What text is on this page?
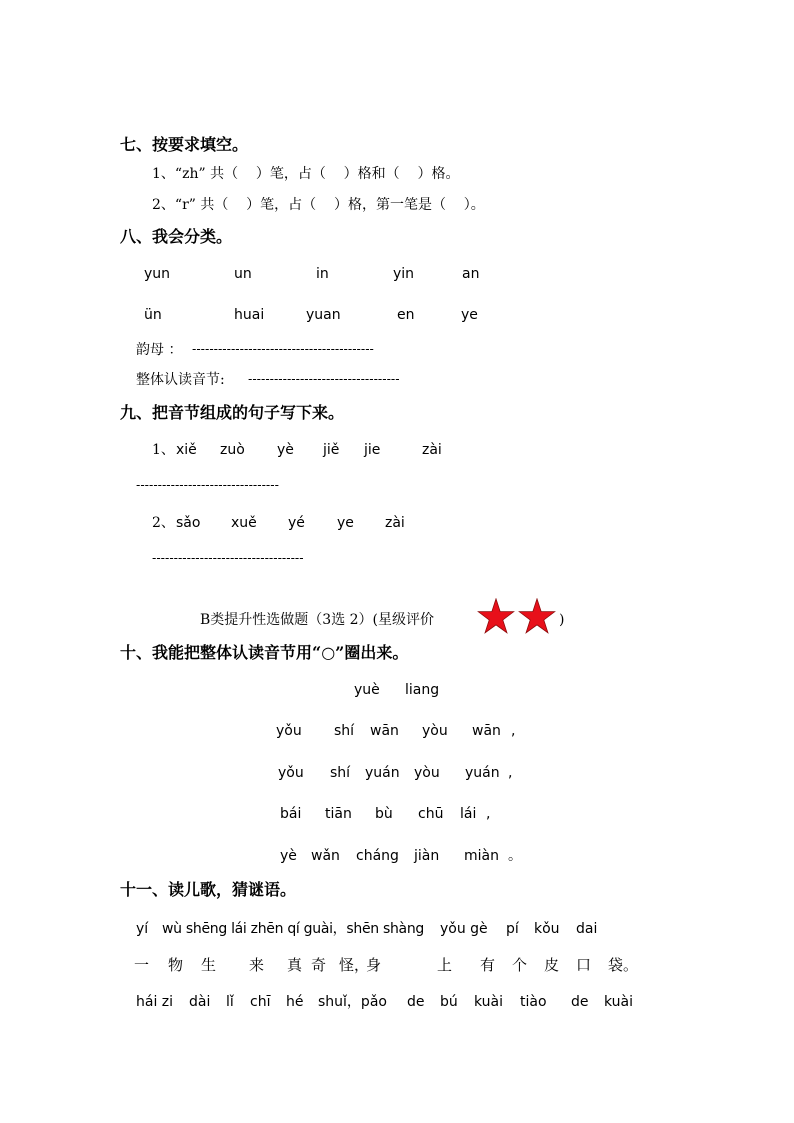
七、按要求填空。
1、“zh” 共（    ）笔，占（    ）格和（    ）格。
2、“r” 共（    ）笔，占（    ）格，第一笔是（    ）。
八、我会分类。
yun	un	in	yin	an
ün	huai	yuan	en	ye
韵母 ： ------------------------------------------
整体认读音节: -----------------------------------
九、把音节组成的句子写下来。
1、 xiě zuò yè jiě jie	zài
---------------------------------
2、 sǎo xuě yé ye zài
-----------------------------------
B类提升性选做题（3选 2）(星级评价	)
十、我能把整体认读音节用“○”圈出来。
yuè liang
yǒu shí wān yòu wān ,
yǒu shí yuán yòu yuán ,
bái tiān bù chū lái ,
yè wǎn cháng jiàn miàn 。
十一、读儿歌，猜谜语。
yí wù shēng lái zhēn qí guài，shēn shàng yǒu gè pí kǒu dai
一 物 生 来 真 奇 怪，
身	上 有 个 皮 口 袋。
hái zi dài lǐ chī hé shuǐ，pǎo de bú kuài tiào de kuài
